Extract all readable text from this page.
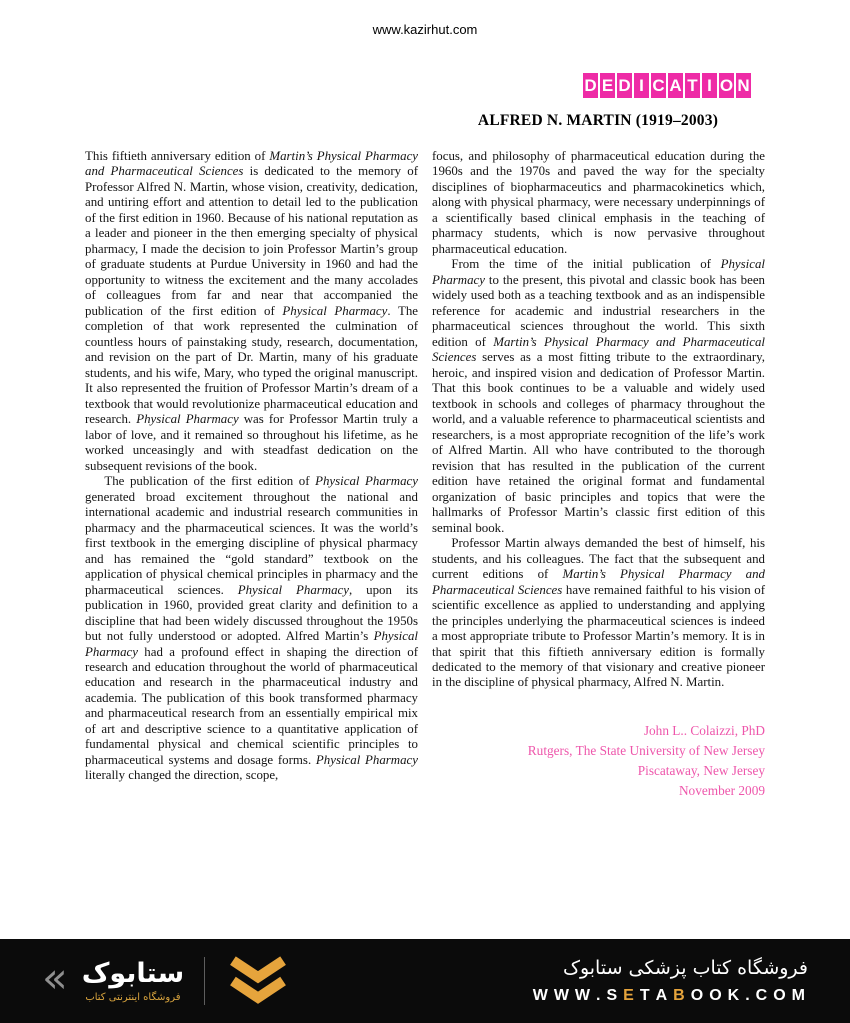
www.kazirhut.com
D E D I C A T I O N
ALFRED N. MARTIN (1919–2003)

This fiftieth anniversary edition of Martin’s Physical Pharmacy and Pharmaceutical Sciences is dedicated to the memory of Professor Alfred N. Martin, whose vision, creativity, dedication, and untiring effort and attention to detail led to the publication of the first edition in 1960. Because of his national reputation as a leader and pioneer in the then emerging specialty of physical pharmacy, I made the decision to join Professor Martin’s group of graduate students at Purdue University in 1960 and had the opportunity to witness the excitement and the many accolades of colleagues from far and near that accompanied the publication of the first edition of Physical Pharmacy. The completion of that work represented the culmination of countless hours of painstaking study, research, documentation, and revision on the part of Dr. Martin, many of his graduate students, and his wife, Mary, who typed the original manuscript. It also represented the fruition of Professor Martin’s dream of a textbook that would revolutionize pharmaceutical education and research. Physical Pharmacy was for Professor Martin truly a labor of love, and it remained so throughout his lifetime, as he worked unceasingly and with steadfast dedication on the subsequent revisions of the book.

The publication of the first edition of Physical Pharmacy generated broad excitement throughout the national and international academic and industrial research communities in pharmacy and the pharmaceutical sciences. It was the world’s first textbook in the emerging discipline of physical pharmacy and has remained the “gold standard” textbook on the application of physical chemical principles in pharmacy and the pharmaceutical sciences. Physical Pharmacy, upon its publication in 1960, provided great clarity and definition to a discipline that had been widely discussed throughout the 1950s but not fully understood or adopted. Alfred Martin’s Physical Pharmacy had a profound effect in shaping the direction of research and education throughout the world of pharmaceutical education and research in the pharmaceutical industry and academia. The publication of this book transformed pharmacy and pharmaceutical research from an essentially empirical mix of art and descriptive science to a quantitative application of fundamental physical and chemical scientific principles to pharmaceutical systems and dosage forms. Physical Pharmacy literally changed the direction, scope,

focus, and philosophy of pharmaceutical education during the 1960s and the 1970s and paved the way for the specialty disciplines of biopharmaceutics and pharmacokinetics which, along with physical pharmacy, were necessary underpinnings of a scientifically based clinical emphasis in the teaching of pharmacy students, which is now pervasive throughout pharmaceutical education.

From the time of the initial publication of Physical Pharmacy to the present, this pivotal and classic book has been widely used both as a teaching textbook and as an indispensible reference for academic and industrial researchers in the pharmaceutical sciences throughout the world. This sixth edition of Martin’s Physical Pharmacy and Pharmaceutical Sciences serves as a most fitting tribute to the extraordinary, heroic, and inspired vision and dedication of Professor Martin. That this book continues to be a valuable and widely used textbook in schools and colleges of pharmacy throughout the world, and a valuable reference to pharmaceutical scientists and researchers, is a most appropriate recognition of the life’s work of Alfred Martin. All who have contributed to the thorough revision that has resulted in the publication of the current edition have retained the original format and fundamental organization of basic principles and topics that were the hallmarks of Professor Martin’s classic first edition of this seminal book.

Professor Martin always demanded the best of himself, his students, and his colleagues. The fact that the subsequent and current editions of Martin’s Physical Pharmacy and Pharmaceutical Sciences have remained faithful to his vision of scientific excellence as applied to understanding and applying the principles underlying the pharmaceutical sciences is indeed a most appropriate tribute to Professor Martin’s memory. It is in that spirit that this fiftieth anniversary edition is formally dedicated to the memory of that visionary and creative pioneer in the discipline of physical pharmacy, Alfred N. Martin.

John L.. Colaizzi, PhD
Rutgers, The State University of New Jersey
Piscataway, New Jersey
November 2009
« ستابوک
فروشگاه اینترنتی کتاب
فروشگاه کتاب پزشکی ستابوک
W W W . S E T A B O O K . C O M
